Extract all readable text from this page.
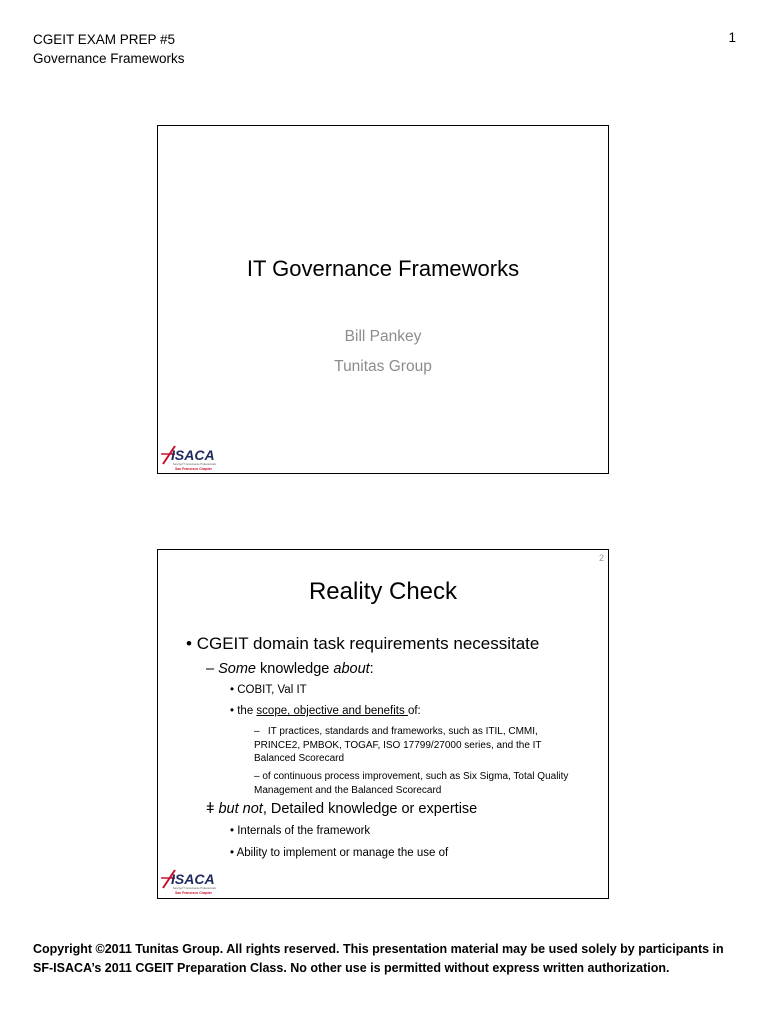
CGEIT EXAM PREP #5
Governance Frameworks
1
IT Governance Frameworks
Bill Pankey
Tunitas Group
ISACA
Serving IT Governance Professionals
San Francisco Chapter
2
Reality Check
• CGEIT domain task requirements necessitate
– Some knowledge about:
• COBIT, Val IT
• the scope, objective and benefits of:
–   IT practices, standards and frameworks, such as ITIL, CMMI, PRINCE2, PMBOK, TOGAF, ISO 17799/27000 series, and the IT Balanced Scorecard
– of continuous process improvement, such as Six Sigma, Total Quality Management and the Balanced Scorecard
ǂ but not, Detailed knowledge or expertise
• Internals of the framework
• Ability to implement or manage the use of
ISACA
Serving IT Governance Professionals
San Francisco Chapter
Copyright ©2011 Tunitas Group. All rights reserved. This presentation material may be used solely by participants in SF-ISACA’s 2011 CGEIT Preparation Class. No other use is permitted without express written authorization.
